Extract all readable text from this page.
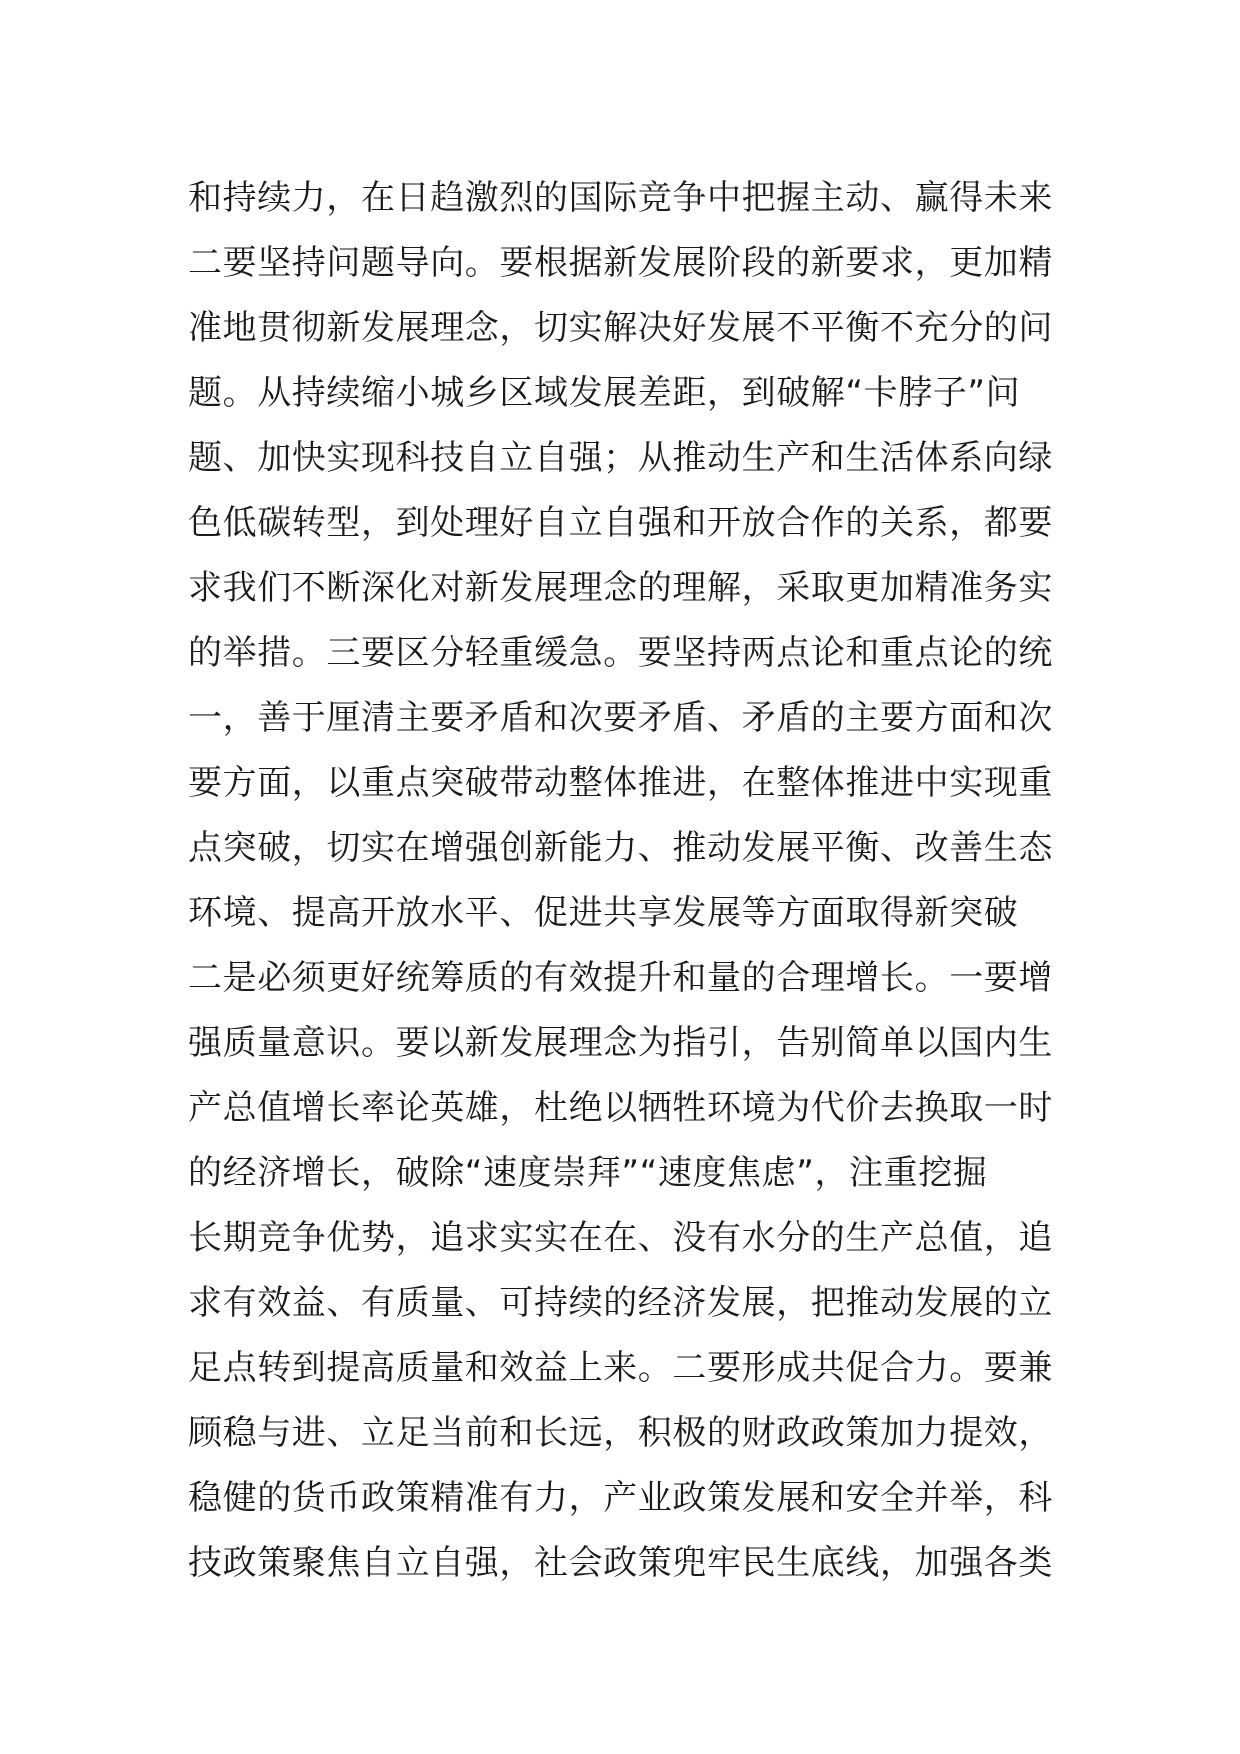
和持续力，在日趋激烈的国际竞争中把握主动、赢得未来
二要坚持问题导向。要根据新发展阶段的新要求，更加精
准地贯彻新发展理念，切实解决好发展不平衡不充分的问
题。从持续缩小城乡区域发展差距，到破解“卡脖子”问
题、加快实现科技自立自强；从推动生产和生活体系向绿
色低碳转型，到处理好自立自强和开放合作的关系，都要
求我们不断深化对新发展理念的理解，采取更加精准务实
的举措。三要区分轻重缓急。要坚持两点论和重点论的统
一，善于厘清主要矛盾和次要矛盾、矛盾的主要方面和次
要方面，以重点突破带动整体推进，在整体推进中实现重
点突破，切实在增强创新能力、推动发展平衡、改善生态
环境、提高开放水平、促进共享发展等方面取得新突破
二是必须更好统筹质的有效提升和量的合理增长。一要增
强质量意识。要以新发展理念为指引，告别简单以国内生
产总值增长率论英雄，杜绝以牺牲环境为代价去换取一时
的经济增长，破除“速度崇拜”“速度焦虑”，注重挖掘
长期竞争优势，追求实实在在、没有水分的生产总值，追
求有效益、有质量、可持续的经济发展，把推动发展的立
足点转到提高质量和效益上来。二要形成共促合力。要兼
顾稳与进、立足当前和长远，积极的财政政策加力提效，
稳健的货币政策精准有力，产业政策发展和安全并举，科
技政策聚焦自立自强，社会政策兜牢民生底线，加强各类
